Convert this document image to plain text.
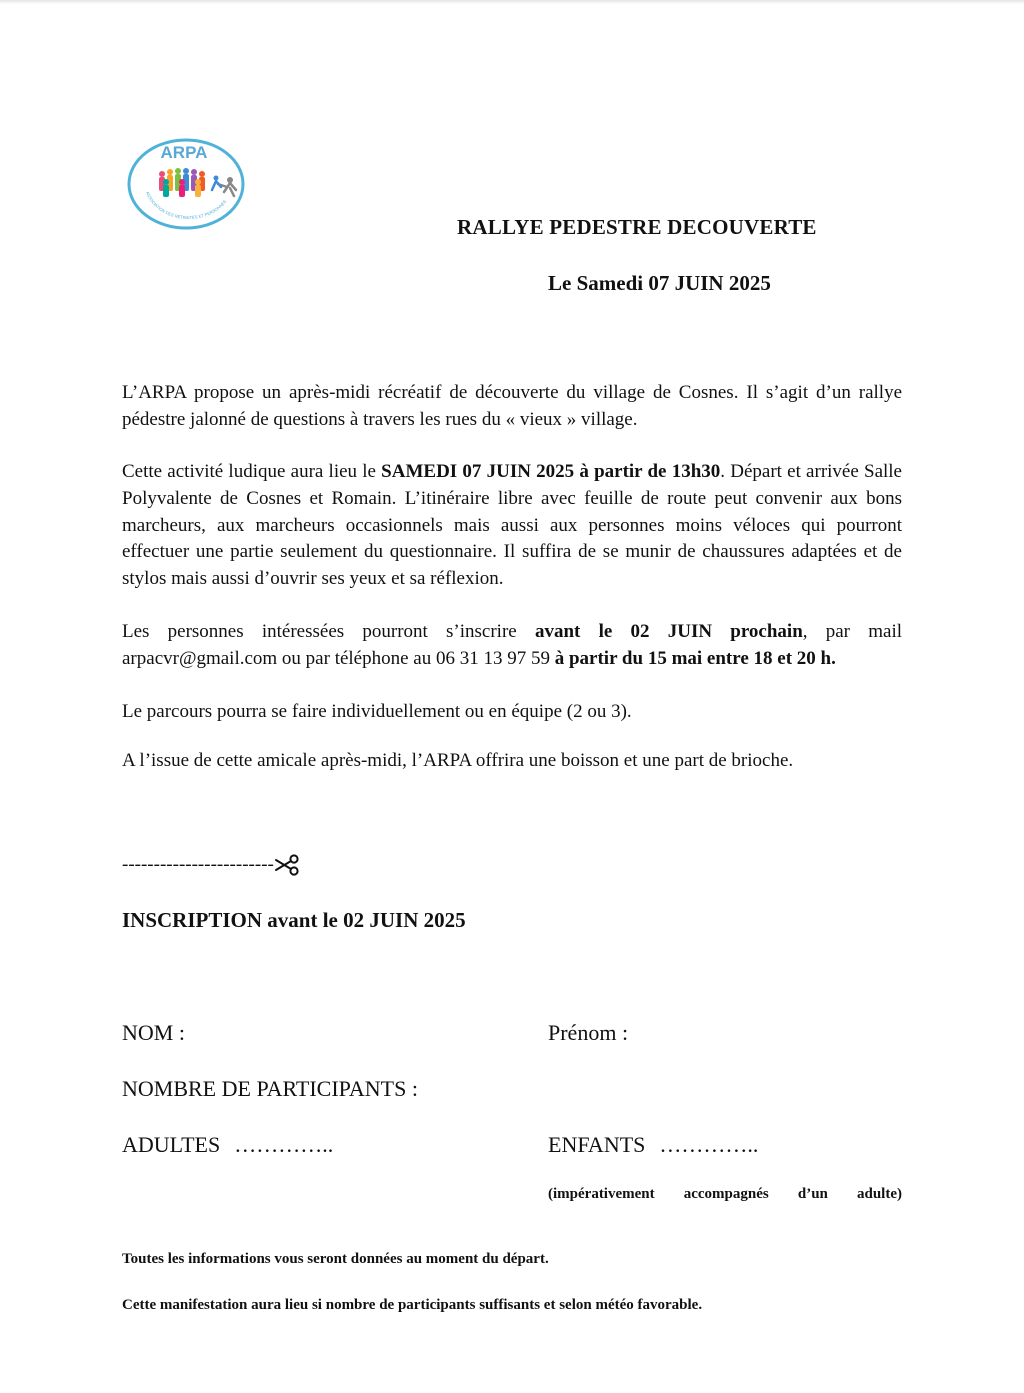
ARPA
ASSOCIATION DES RETRAITÉS ET PERSONNES
RALLYE PEDESTRE DECOUVERTE
Le Samedi 07 JUIN 2025

L’ARPA propose un après-midi récréatif de découverte du village de Cosnes. Il s’agit d’un rallye pédestre jalonné de questions à travers les rues du « vieux » village.

Cette activité ludique aura lieu le SAMEDI 07 JUIN 2025 à partir de 13h30. Départ et arrivée Salle Polyvalente de Cosnes et Romain. L’itinéraire libre avec feuille de route peut convenir aux bons marcheurs, aux marcheurs occasionnels mais aussi aux personnes moins véloces qui pourront effectuer une partie seulement du questionnaire. Il suffira de se munir de chaussures adaptées et de stylos mais aussi d’ouvrir ses yeux et sa réflexion.

Les personnes intéressées pourront s’inscrire avant le 02 JUIN prochain, par mail arpacvr@gmail.com ou par téléphone au 06 31 13 97 59 à partir du 15 mai entre 18 et 20 h.

Le parcours pourra se faire individuellement ou en équipe (2 ou 3).

A l’issue de cette amicale après-midi, l’ARPA offrira une boisson et une part de brioche.

------------------------
INSCRIPTION avant le 02 JUIN 2025
NOM :	Prénom :
NOMBRE DE PARTICIPANTS :
ADULTES …………..	ENFANTS …………..
(impérativement accompagnés d’un adulte)
Toutes les informations vous seront données au moment du départ.
Cette manifestation aura lieu si nombre de participants suffisants et selon météo favorable.
